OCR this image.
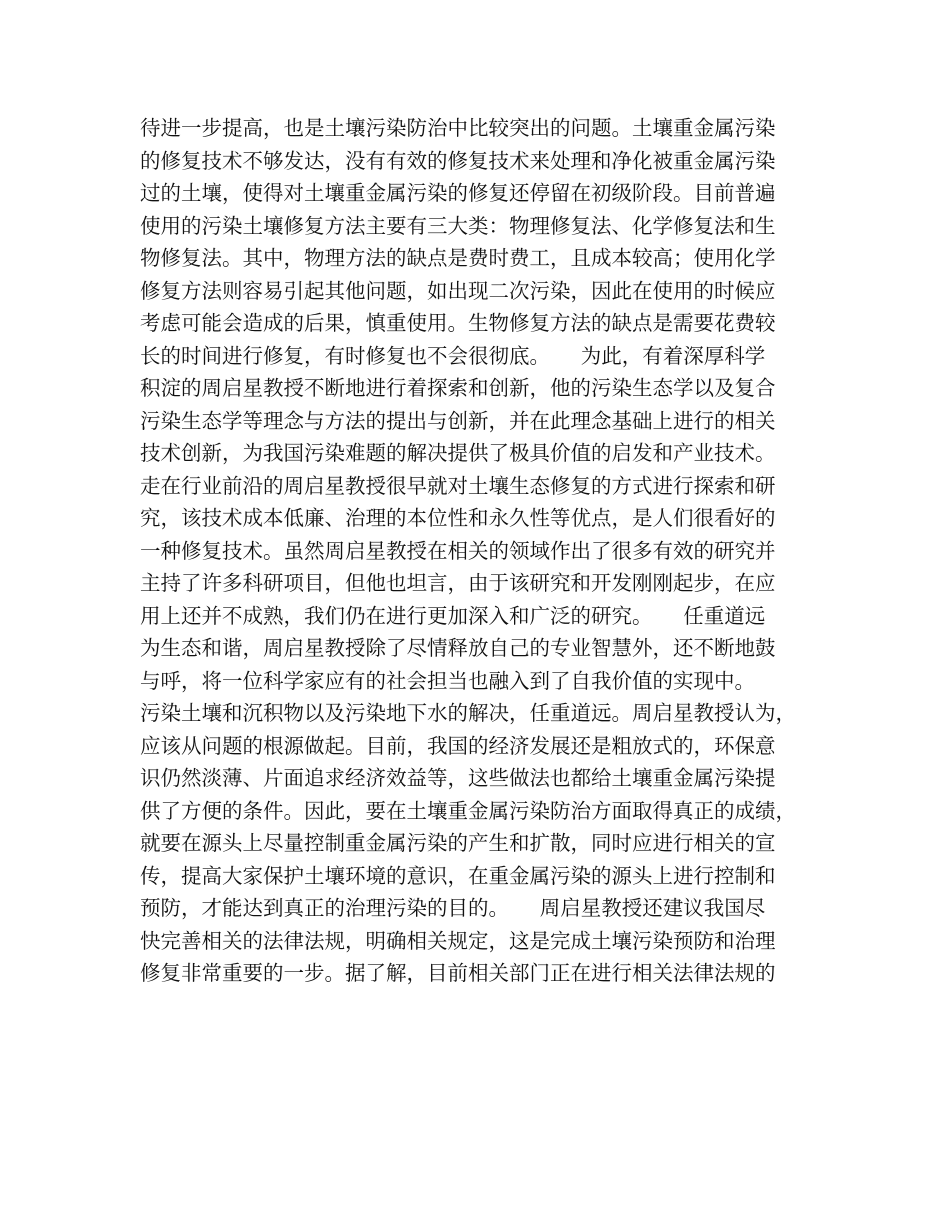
待进一步提高，也是土壤污染防治中比较突出的问题。土壤重金属污染
的修复技术不够发达，没有有效的修复技术来处理和净化被重金属污染
过的土壤，使得对土壤重金属污染的修复还停留在初级阶段。目前普遍
使用的污染土壤修复方法主要有三大类：物理修复法、化学修复法和生
物修复法。其中，物理方法的缺点是费时费工，且成本较高；使用化学
修复方法则容易引起其他问题，如出现二次污染，因此在使用的时候应
考虑可能会造成的后果，慎重使用。生物修复方法的缺点是需要花费较
长的时间进行修复，有时修复也不会很彻底。　　为此，有着深厚科学
积淀的周启星教授不断地进行着探索和创新，他的污染生态学以及复合
污染生态学等理念与方法的提出与创新，并在此理念基础上进行的相关
技术创新，为我国污染难题的解决提供了极具价值的启发和产业技术。
走在行业前沿的周启星教授很早就对土壤生态修复的方式进行探索和研
究，该技术成本低廉、治理的本位性和永久性等优点，是人们很看好的
一种修复技术。虽然周启星教授在相关的领域作出了很多有效的研究并
主持了许多科研项目，但他也坦言，由于该研究和开发刚刚起步，在应
用上还并不成熟，我们仍在进行更加深入和广泛的研究。　　任重道远
为生态和谐，周启星教授除了尽情释放自己的专业智慧外，还不断地鼓
与呼，将一位科学家应有的社会担当也融入到了自我价值的实现中。
污染土壤和沉积物以及污染地下水的解决，任重道远。周启星教授认为，
应该从问题的根源做起。目前，我国的经济发展还是粗放式的，环保意
识仍然淡薄、片面追求经济效益等，这些做法也都给土壤重金属污染提
供了方便的条件。因此，要在土壤重金属污染防治方面取得真正的成绩，
就要在源头上尽量控制重金属污染的产生和扩散，同时应进行相关的宣
传，提高大家保护土壤环境的意识，在重金属污染的源头上进行控制和
预防，才能达到真正的治理污染的目的。　　周启星教授还建议我国尽
快完善相关的法律法规，明确相关规定，这是完成土壤污染预防和治理
修复非常重要的一步。据了解，目前相关部门正在进行相关法律法规的
